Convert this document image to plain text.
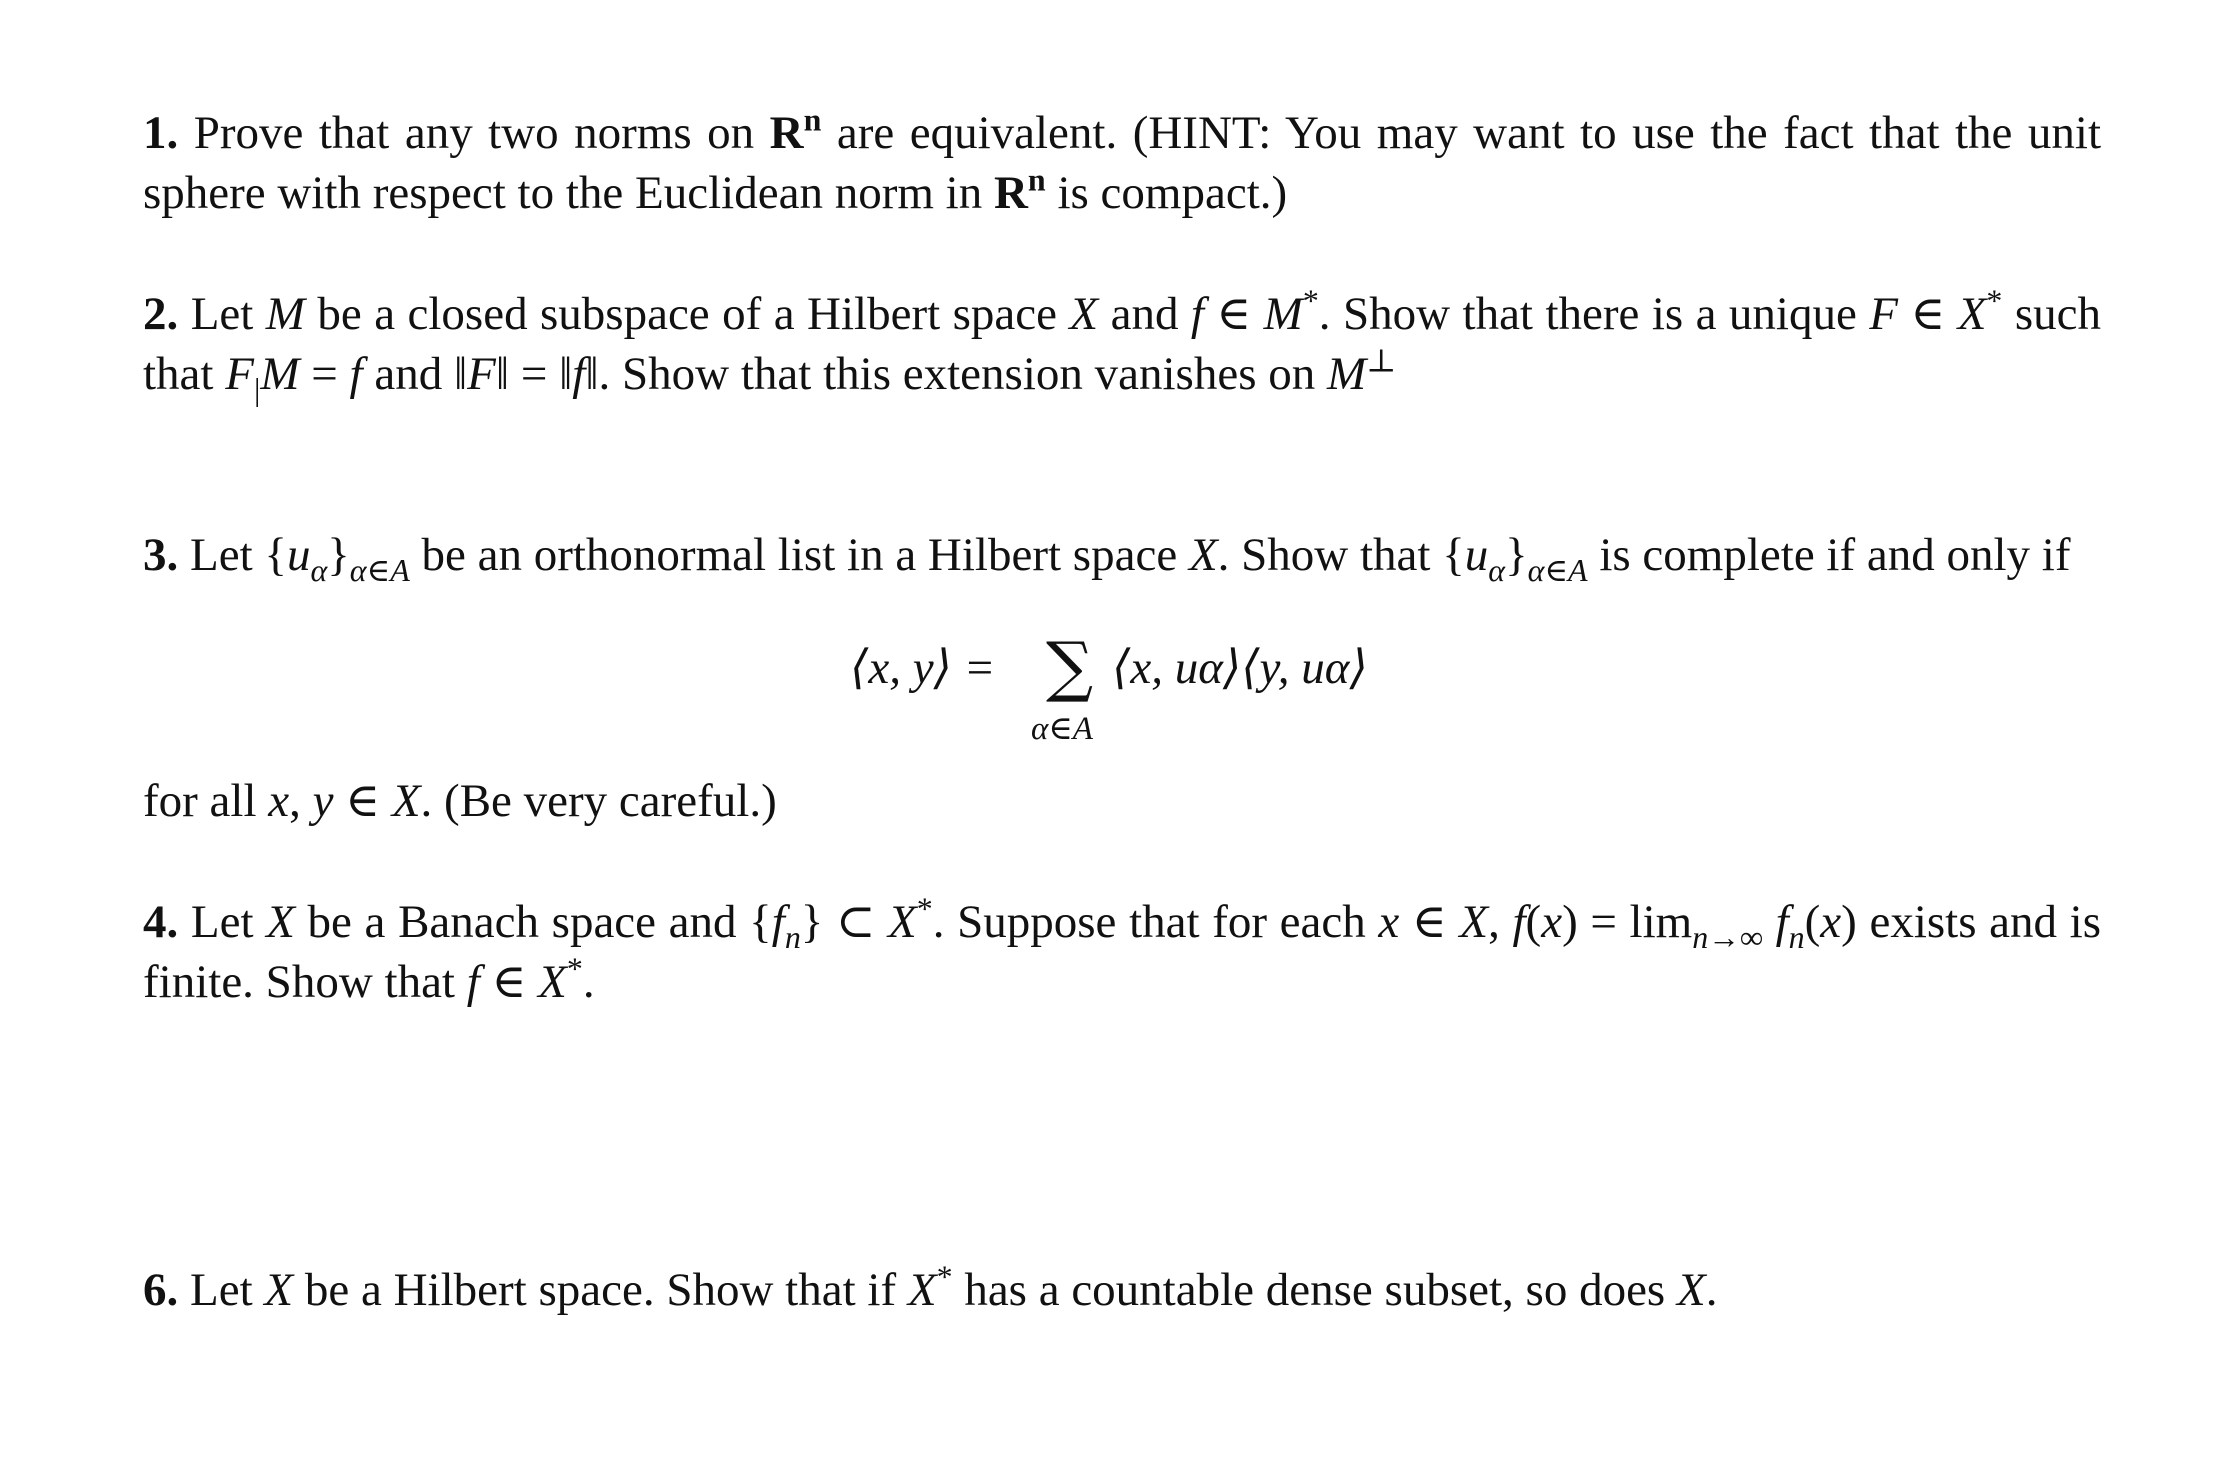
1. Prove that any two norms on $R^n$ are equivalent. (HINT: You may want to use the fact that the unit sphere with respect to the Euclidean norm in $R^n$ is compact.)

2. Let M be a closed subspace of a Hilbert space X and f ∈ M*. Show that there is a unique F ∈ X* such that $F_|M = f$ and ‖F‖ = ‖f‖. Show that this extension vanishes on M⊥

3. Let $\{u_\alpha\}_{\alpha\in A}$ be an orthonormal list in a Hilbert space X. Show that $\{u_\alpha\}_{\alpha\in A}$ is complete if and only if

⟨x, y⟩ = ∑
α∈A
⟨x, uα⟩⟨y, uα⟩

for all x, y ∈ X. (Be very careful.)

4. Let X be a Banach space and $\{f_n\}$ ⊂ X*. Suppose that for each x ∈ X, $f(x) = \lim_{n\to\infty} f_n(x)$ exists and is finite. Show that f ∈ X*.

6. Let X be a Hilbert space. Show that if X* has a countable dense subset, so does X.
